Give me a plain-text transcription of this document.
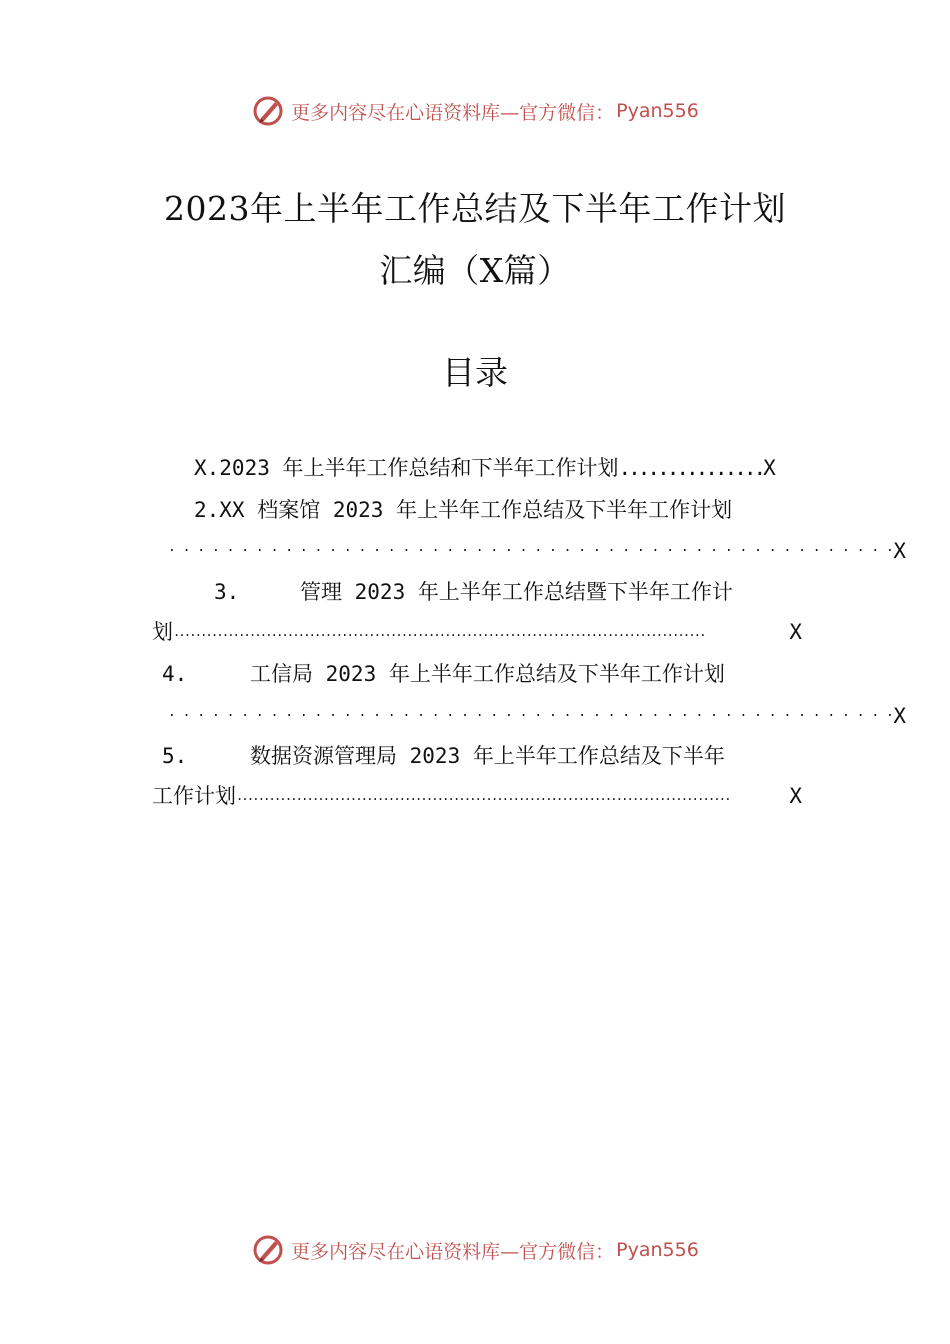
更多内容尽在心语资料库—官方微信： Pyan556
2023年上半年工作总结及下半年工作计划
汇编（X篇）
目录
X.2023 年上半年工作总结和下半年工作计划...............X
2.XX 档案馆 2023 年上半年工作总结及下半年工作计划
. . . . . . . . . . . . . . . . . . . . . . . . . . . . . . . . . . . . . . . . . . . . . . . . . . X
3.	管理 2023 年上半年工作总结暨下半年工作计
划 ..................................................................................................	X
4.	工信局 2023 年上半年工作总结及下半年工作计划
. . . . . . . . . . . . . . . . . . . . . . . . . . . . . . . . . . . . . . . . . . . . . . . . . . X
5.	数据资源管理局 2023 年上半年工作总结及下半年
工作计划 ...........................................................................................	X
更多内容尽在心语资料库—官方微信： Pyan556
